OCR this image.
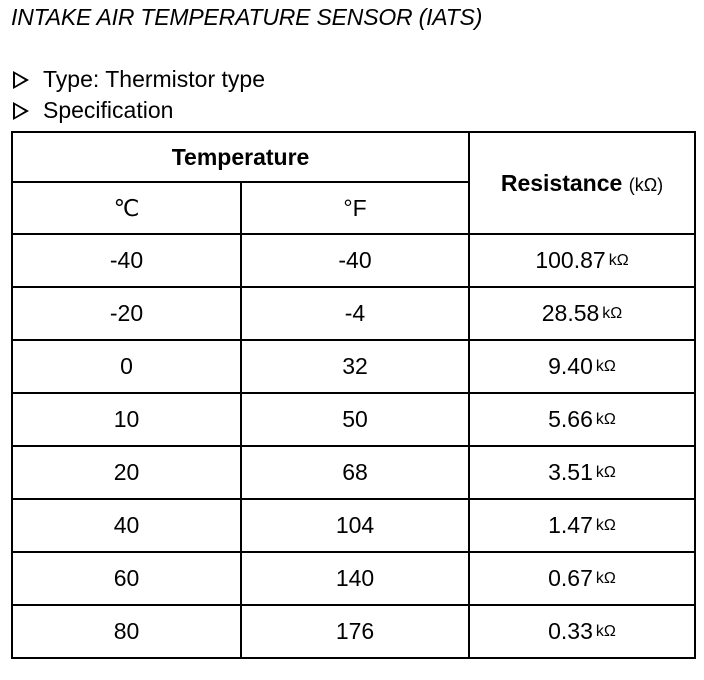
INTAKE AIR TEMPERATURE SENSOR (IATS)
Type: Thermistor type
Specification
Temperature		Resistance (kΩ)
℃	°F	
-40	-40	100.87 kΩ
-20	-4	28.58 kΩ
0	32	9.40 kΩ
10	50	5.66 kΩ
20	68	3.51 kΩ
40	104	1.47 kΩ
60	140	0.67 kΩ
80	176	0.33 kΩ
